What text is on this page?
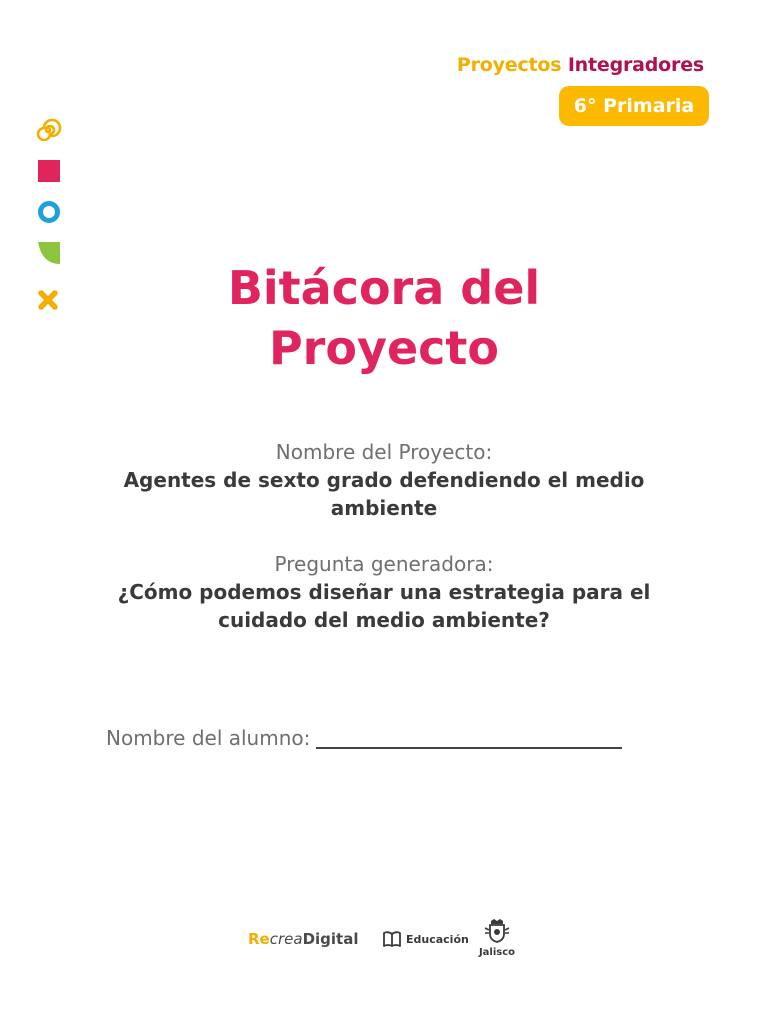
Proyectos Integradores
6° Primaria
Bitácora del
Proyecto
Nombre del Proyecto:
Agentes de sexto grado defendiendo el medio ambiente
Pregunta generadora:
¿Cómo podemos diseñar una estrategia para el cuidado del medio ambiente?
Nombre del alumno:
RecreaDigital	Educación
Jalisco
